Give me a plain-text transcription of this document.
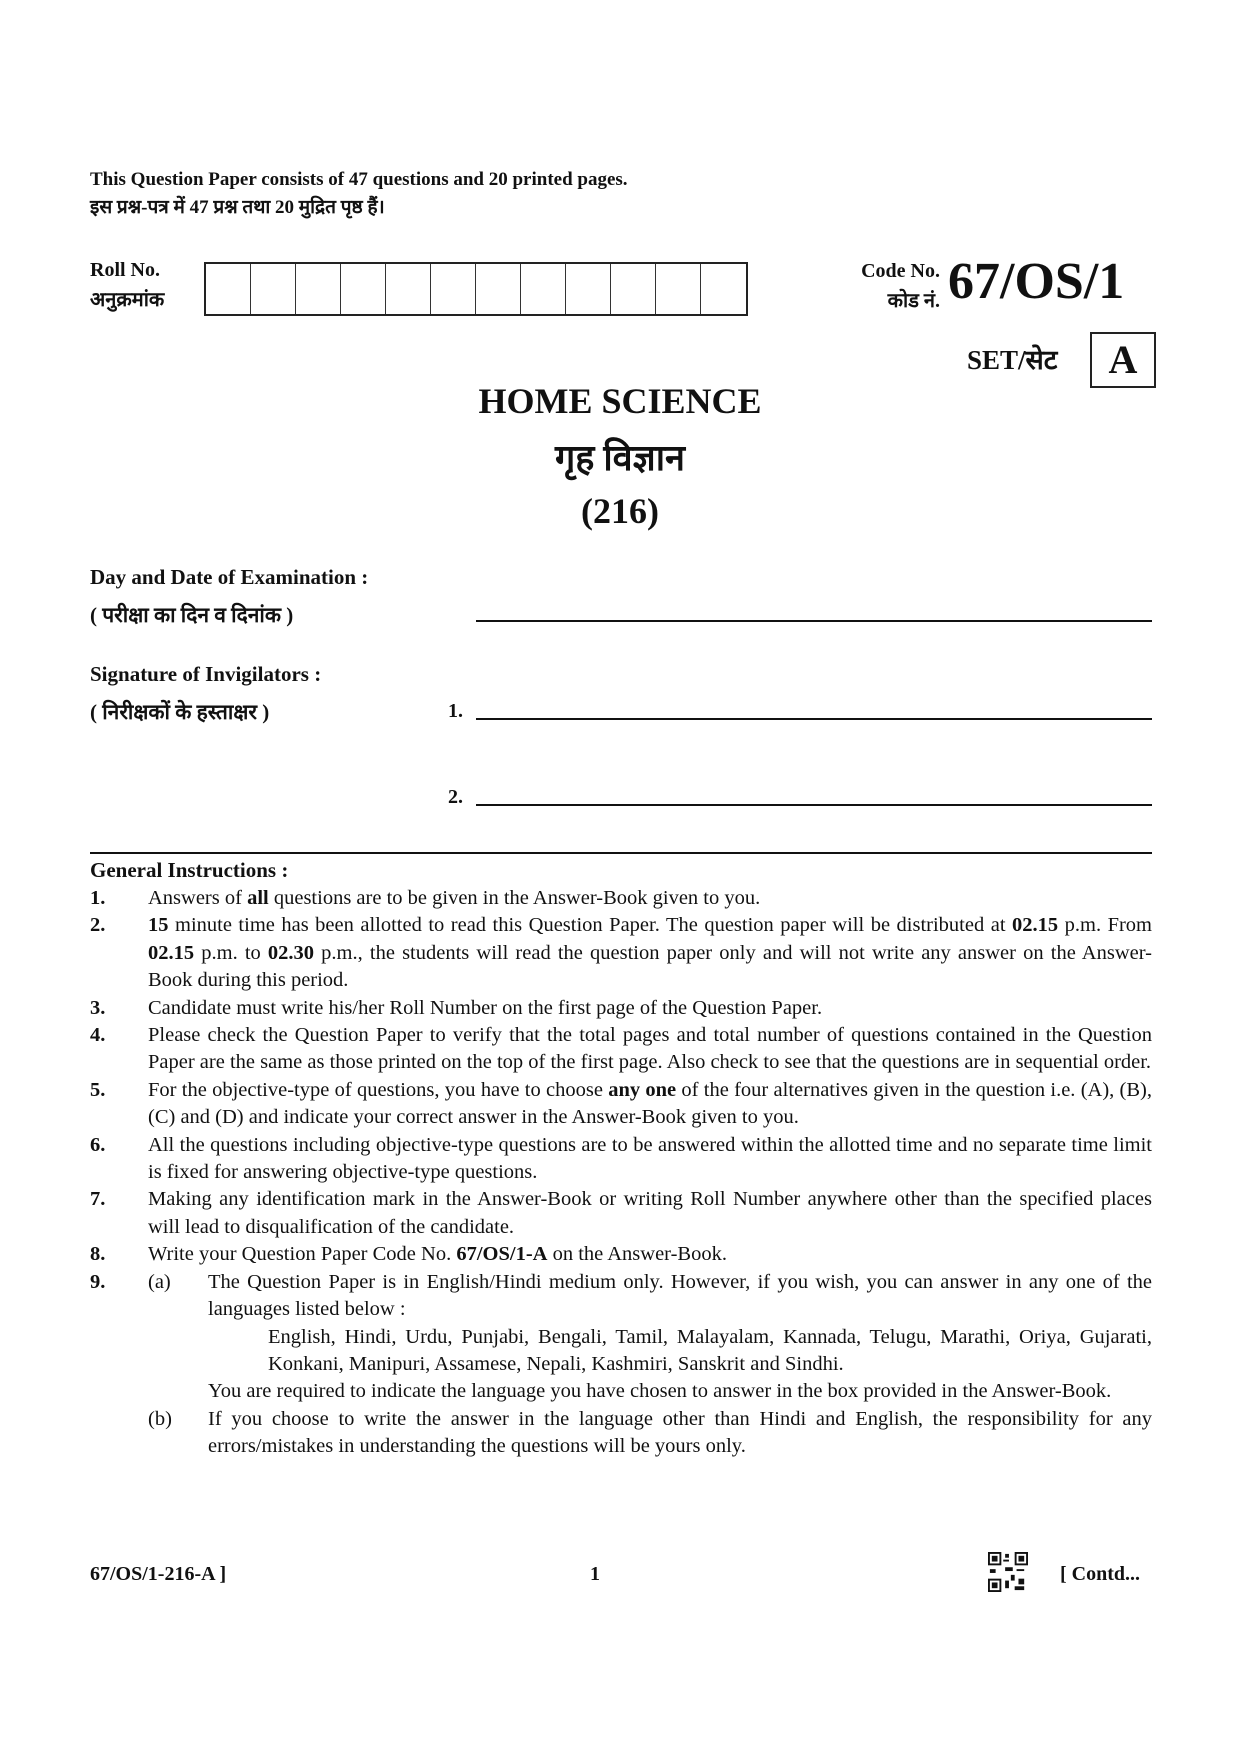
This Question Paper consists of 47 questions and 20 printed pages.
इस प्रश्न-पत्र में 47 प्रश्न तथा 20 मुद्रित पृष्ठ हैं।
Roll No.
अनुक्रमांक
Code No.
कोड नं. 67/OS/1
SET/सेट	A
HOME SCIENCE
गृह विज्ञान
(216)
Day and Date of Examination :
( परीक्षा का दिन व दिनांक )
Signature of Invigilators :
( निरीक्षकों के हस्ताक्षर )	1.
2.
General Instructions :
1.	Answers of all questions are to be given in the Answer-Book given to you.
2.	15 minute time has been allotted to read this Question Paper. The question paper will be distributed at 02.15 p.m. From 02.15 p.m. to 02.30 p.m., the students will read the question paper only and will not write any answer on the Answer-Book during this period.
3.	Candidate must write his/her Roll Number on the first page of the Question Paper.
4.	Please check the Question Paper to verify that the total pages and total number of questions contained in the Question Paper are the same as those printed on the top of the first page. Also check to see that the questions are in sequential order.
5.	For the objective-type of questions, you have to choose any one of the four alternatives given in the question i.e. (A), (B), (C) and (D) and indicate your correct answer in the Answer-Book given to you.
6.	All the questions including objective-type questions are to be answered within the allotted time and no separate time limit is fixed for answering objective-type questions.
7.	Making any identification mark in the Answer-Book or writing Roll Number anywhere other than the specified places will lead to disqualification of the candidate.
8.	Write your Question Paper Code No. 67/OS/1-A on the Answer-Book.
9.	(a)	The Question Paper is in English/Hindi medium only. However, if you wish, you can answer in any one of the languages listed below :
English, Hindi, Urdu, Punjabi, Bengali, Tamil, Malayalam, Kannada, Telugu, Marathi, Oriya, Gujarati, Konkani, Manipuri, Assamese, Nepali, Kashmiri, Sanskrit and Sindhi.
You are required to indicate the language you have chosen to answer in the box provided in the Answer-Book.
(b)	If you choose to write the answer in the language other than Hindi and English, the responsibility for any errors/mistakes in understanding the questions will be yours only.
67/OS/1-216-A ]	1	[ Contd...
